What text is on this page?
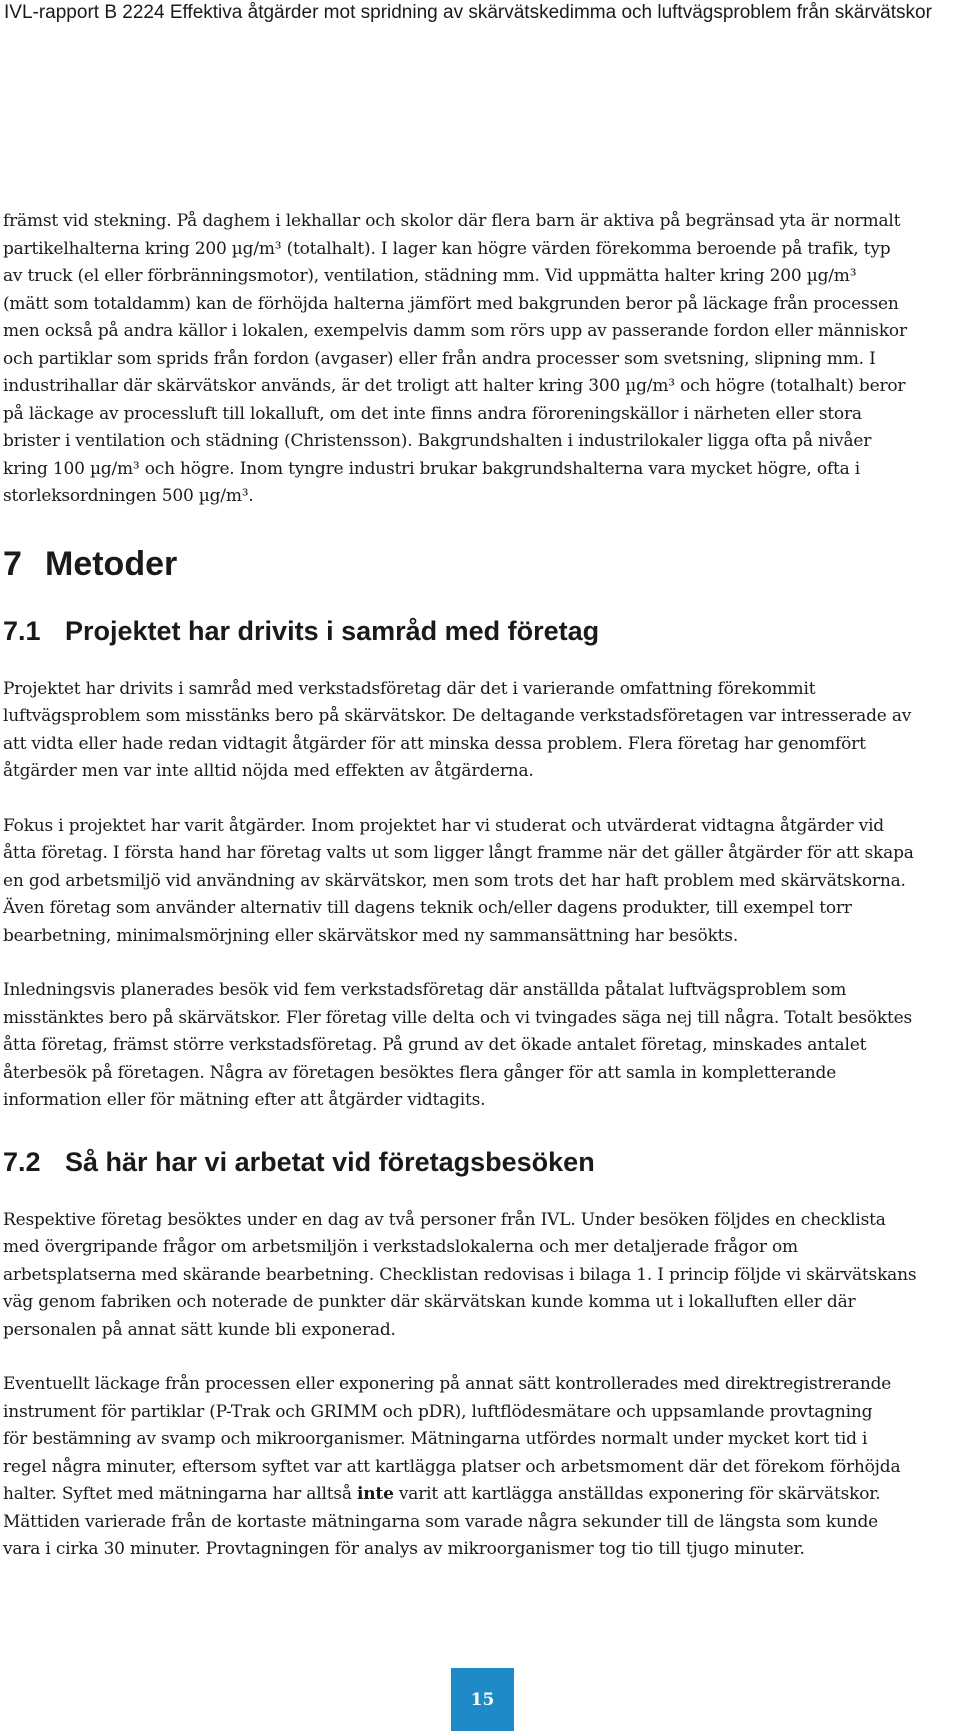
IVL-rapport B 2224 Effektiva åtgärder mot spridning av skärvätskedimma och luftvägsproblem från skärvätskor
främst vid stekning. På daghem i lekhallar och skolor där flera barn är aktiva på begränsad yta är normalt
partikelhalterna kring 200 µg/m³ (totalhalt). I lager kan högre värden förekomma beroende på trafik, typ
av truck (el eller förbränningsmotor), ventilation, städning mm. Vid uppmätta halter kring 200 µg/m³
(mätt som totaldamm) kan de förhöjda halterna jämfört med bakgrunden beror på läckage från processen
men också på andra källor i lokalen, exempelvis damm som rörs upp av passerande fordon eller människor
och partiklar som sprids från fordon (avgaser) eller från andra processer som svetsning, slipning mm. I
industrihallar där skärvätskor används, är det troligt att halter kring 300 µg/m³ och högre (totalhalt) beror
på läckage av processluft till lokalluft, om det inte finns andra föroreningskällor i närheten eller stora
brister i ventilation och städning (Christensson). Bakgrundshalten i industrilokaler ligga ofta på nivåer
kring 100 µg/m³ och högre. Inom tyngre industri brukar bakgrundshalterna vara mycket högre, ofta i
storleksordningen 500 µg/m³.
7 Metoder
7.1 Projektet har drivits i samråd med företag
Projektet har drivits i samråd med verkstadsföretag där det i varierande omfattning förekommit
luftvägsproblem som misstänks bero på skärvätskor. De deltagande verkstadsföretagen var intresserade av
att vidta eller hade redan vidtagit åtgärder för att minska dessa problem. Flera företag har genomfört
åtgärder men var inte alltid nöjda med effekten av åtgärderna.
Fokus i projektet har varit åtgärder. Inom projektet har vi studerat och utvärderat vidtagna åtgärder vid
åtta företag. I första hand har företag valts ut som ligger långt framme när det gäller åtgärder för att skapa
en god arbetsmiljö vid användning av skärvätskor, men som trots det har haft problem med skärvätskorna.
Även företag som använder alternativ till dagens teknik och/eller dagens produkter, till exempel torr
bearbetning, minimalsmörjning eller skärvätskor med ny sammansättning har besökts.
Inledningsvis planerades besök vid fem verkstadsföretag där anställda påtalat luftvägsproblem som
misstänktes bero på skärvätskor. Fler företag ville delta och vi tvingades säga nej till några. Totalt besöktes
åtta företag, främst större verkstadsföretag. På grund av det ökade antalet företag, minskades antalet
återbesök på företagen. Några av företagen besöktes flera gånger för att samla in kompletterande
information eller för mätning efter att åtgärder vidtagits.
7.2 Så här har vi arbetat vid företagsbesöken
Respektive företag besöktes under en dag av två personer från IVL. Under besöken följdes en checklista
med övergripande frågor om arbetsmiljön i verkstadslokalerna och mer detaljerade frågor om
arbetsplatserna med skärande bearbetning. Checklistan redovisas i bilaga 1. I princip följde vi skärvätskans
väg genom fabriken och noterade de punkter där skärvätskan kunde komma ut i lokalluften eller där
personalen på annat sätt kunde bli exponerad.
Eventuellt läckage från processen eller exponering på annat sätt kontrollerades med direktregistrerande
instrument för partiklar (P-Trak och GRIMM och pDR), luftflödesmätare och uppsamlande provtagning
för bestämning av svamp och mikroorganismer. Mätningarna utfördes normalt under mycket kort tid i
regel några minuter, eftersom syftet var att kartlägga platser och arbetsmoment där det förekom förhöjda
halter. Syftet med mätningarna har alltså inte varit att kartlägga anställdas exponering för skärvätskor.
Mättiden varierade från de kortaste mätningarna som varade några sekunder till de längsta som kunde
vara i cirka 30 minuter. Provtagningen för analys av mikroorganismer tog tio till tjugo minuter.
15
